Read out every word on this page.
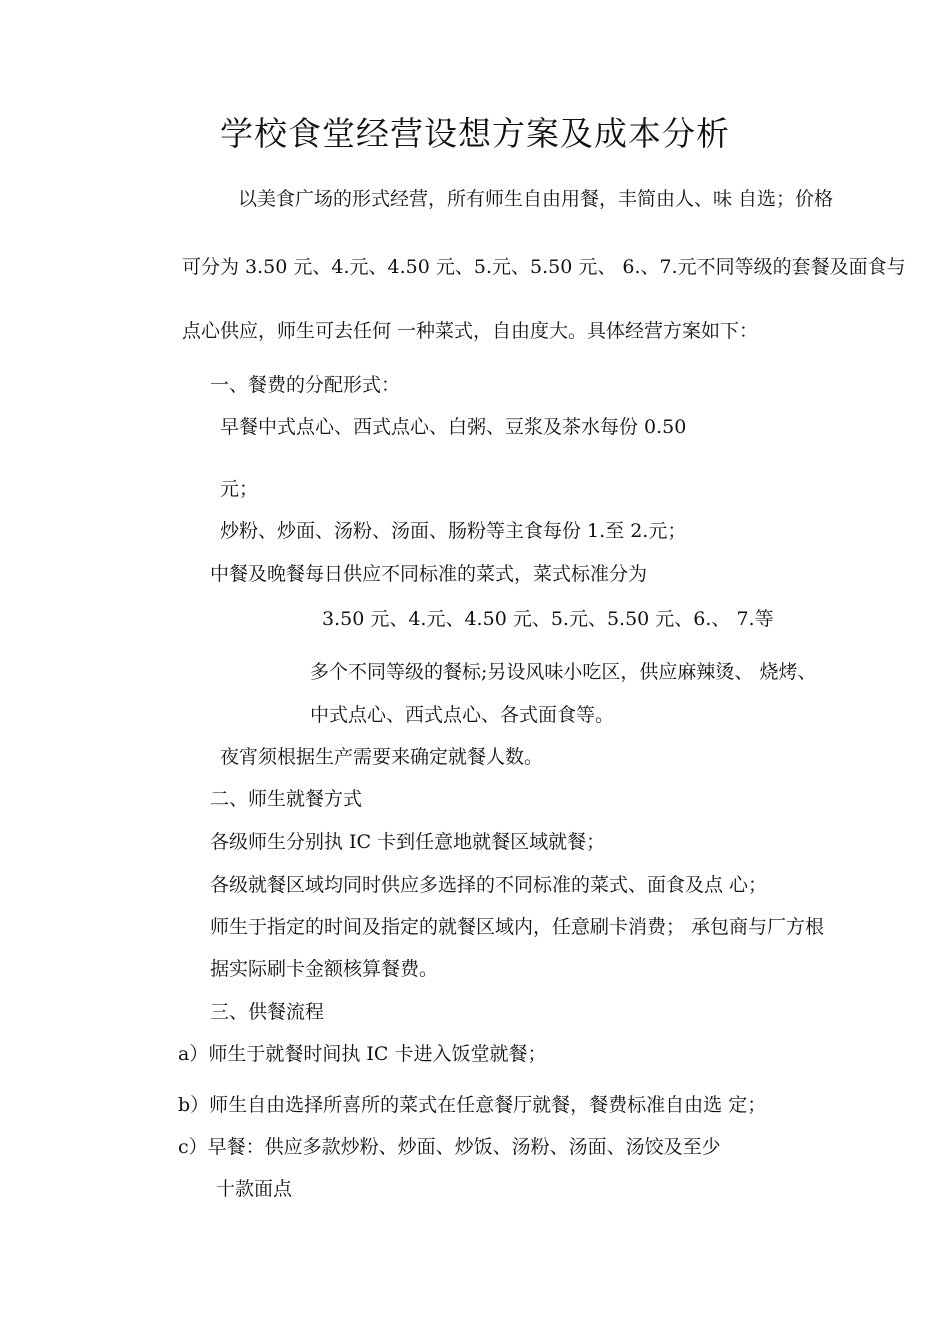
学校食堂经营设想方案及成本分析
以美食广场的形式经营，所有师生自由用餐，丰简由人、味 自选；价格
可分为 3.50 元、4.元、4.50 元、5.元、5.50 元、 6.、7.元不同等级的套餐及面食与
点心供应，师生可去任何 一种菜式，自由度大。具体经营方案如下：
一、餐费的分配形式：
早餐中式点心、西式点心、白粥、豆浆及茶水每份 0.50
元；
炒粉、炒面、汤粉、汤面、肠粉等主食每份 1.至 2.元；
中餐及晚餐每日供应不同标准的菜式，菜式标准分为
3.50 元、4.元、4.50 元、5.元、5.50 元、6.、 7.等
多个不同等级的餐标;另设风味小吃区，供应麻辣烫、 烧烤、
中式点心、西式点心、各式面食等。
夜宵须根据生产需要来确定就餐人数。
二、师生就餐方式
各级师生分别执 IC 卡到任意地就餐区域就餐；
各级就餐区域均同时供应多选择的不同标准的菜式、面食及点 心；
师生于指定的时间及指定的就餐区域内，任意刷卡消费； 承包商与厂方根
据实际刷卡金额核算餐费。
三、供餐流程
a）师生于就餐时间执 IC 卡进入饭堂就餐；
b）师生自由选择所喜所的菜式在任意餐厅就餐，餐费标准自由选 定；
c）早餐：供应多款炒粉、炒面、炒饭、汤粉、汤面、汤饺及至少
十款面点
